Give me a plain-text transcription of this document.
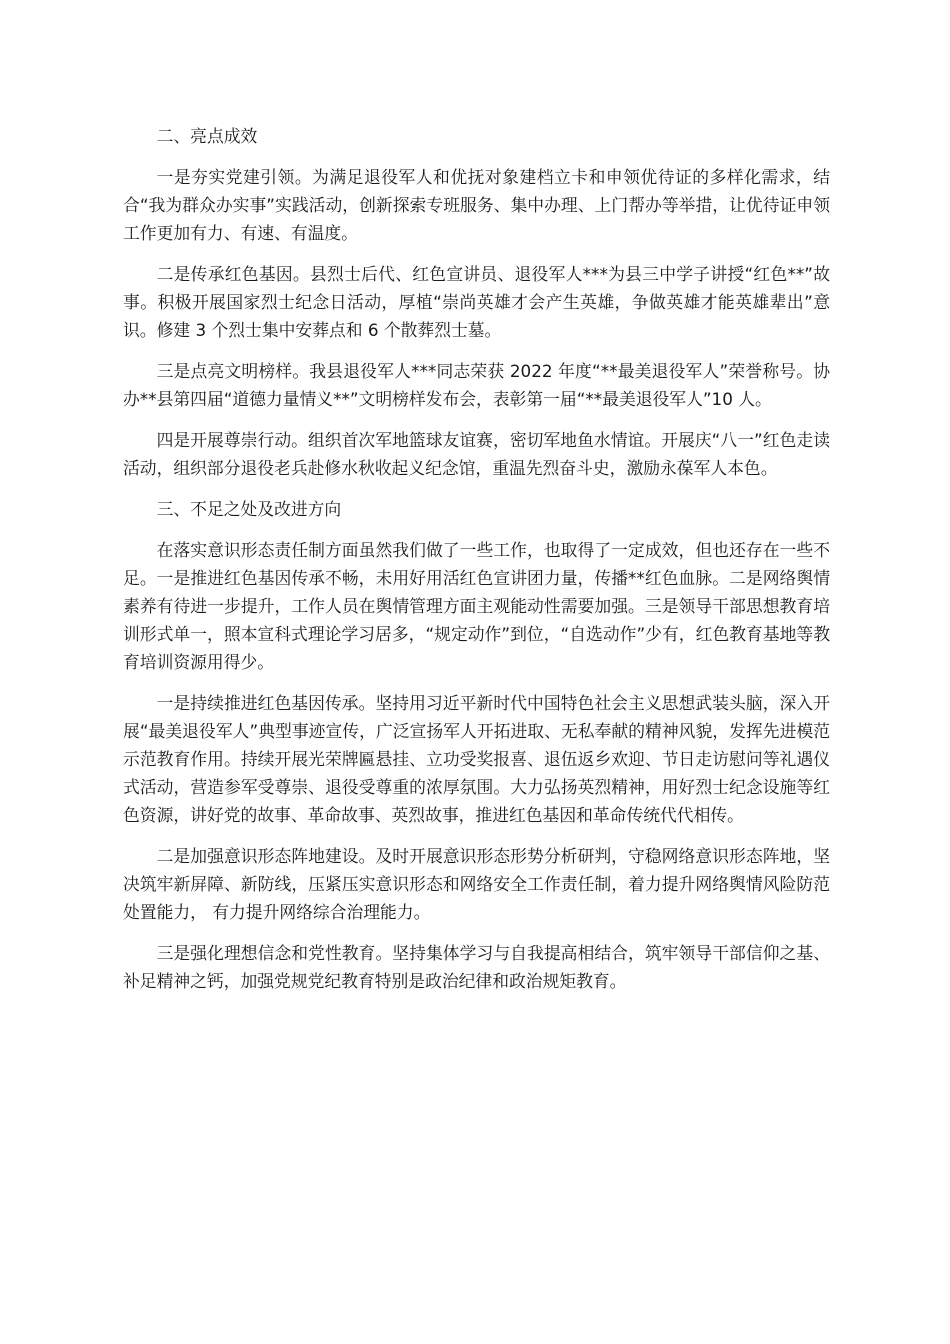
二、亮点成效

一是夯实党建引领。为满足退役军人和优抚对象建档立卡和申领优待证的多样化需求，结合“我为群众办实事”实践活动，创新探索专班服务、集中办理、上门帮办等举措，让优待证申领工作更加有力、有速、有温度。

二是传承红色基因。县烈士后代、红色宣讲员、退役军人***为县三中学子讲授“红色**”故事。积极开展国家烈士纪念日活动，厚植“崇尚英雄才会产生英雄，争做英雄才能英雄辈出”意识。修建 3 个烈士集中安葬点和 6 个散葬烈士墓。

三是点亮文明榜样。我县退役军人***同志荣获 2022 年度“**最美退役军人”荣誉称号。协办**县第四届“道德力量情义**”文明榜样发布会，表彰第一届“**最美退役军人”10 人。

四是开展尊崇行动。组织首次军地篮球友谊赛，密切军地鱼水情谊。开展庆“八一”红色走读活动，组织部分退役老兵赴修水秋收起义纪念馆，重温先烈奋斗史，激励永葆军人本色。

三、不足之处及改进方向

在落实意识形态责任制方面虽然我们做了一些工作，也取得了一定成效，但也还存在一些不足。一是推进红色基因传承不畅，未用好用活红色宣讲团力量，传播**红色血脉。二是网络舆情素养有待进一步提升，工作人员在舆情管理方面主观能动性需要加强。三是领导干部思想教育培训形式单一，照本宣科式理论学习居多，“规定动作”到位，“自选动作”少有，红色教育基地等教育培训资源用得少。

一是持续推进红色基因传承。坚持用习近平新时代中国特色社会主义思想武装头脑，深入开展“最美退役军人”典型事迹宣传，广泛宣扬军人开拓进取、无私奉献的精神风貌，发挥先进模范示范教育作用。持续开展光荣牌匾悬挂、立功受奖报喜、退伍返乡欢迎、节日走访慰问等礼遇仪式活动，营造参军受尊崇、退役受尊重的浓厚氛围。大力弘扬英烈精神，用好烈士纪念设施等红色资源，讲好党的故事、革命故事、英烈故事，推进红色基因和革命传统代代相传。

二是加强意识形态阵地建设。及时开展意识形态形势分析研判，守稳网络意识形态阵地，坚决筑牢新屏障、新防线，压紧压实意识形态和网络安全工作责任制，着力提升网络舆情风险防范处置能力， 有力提升网络综合治理能力。

三是强化理想信念和党性教育。坚持集体学习与自我提高相结合，筑牢领导干部信仰之基、补足精神之钙，加强党规党纪教育特别是政治纪律和政治规矩教育。
